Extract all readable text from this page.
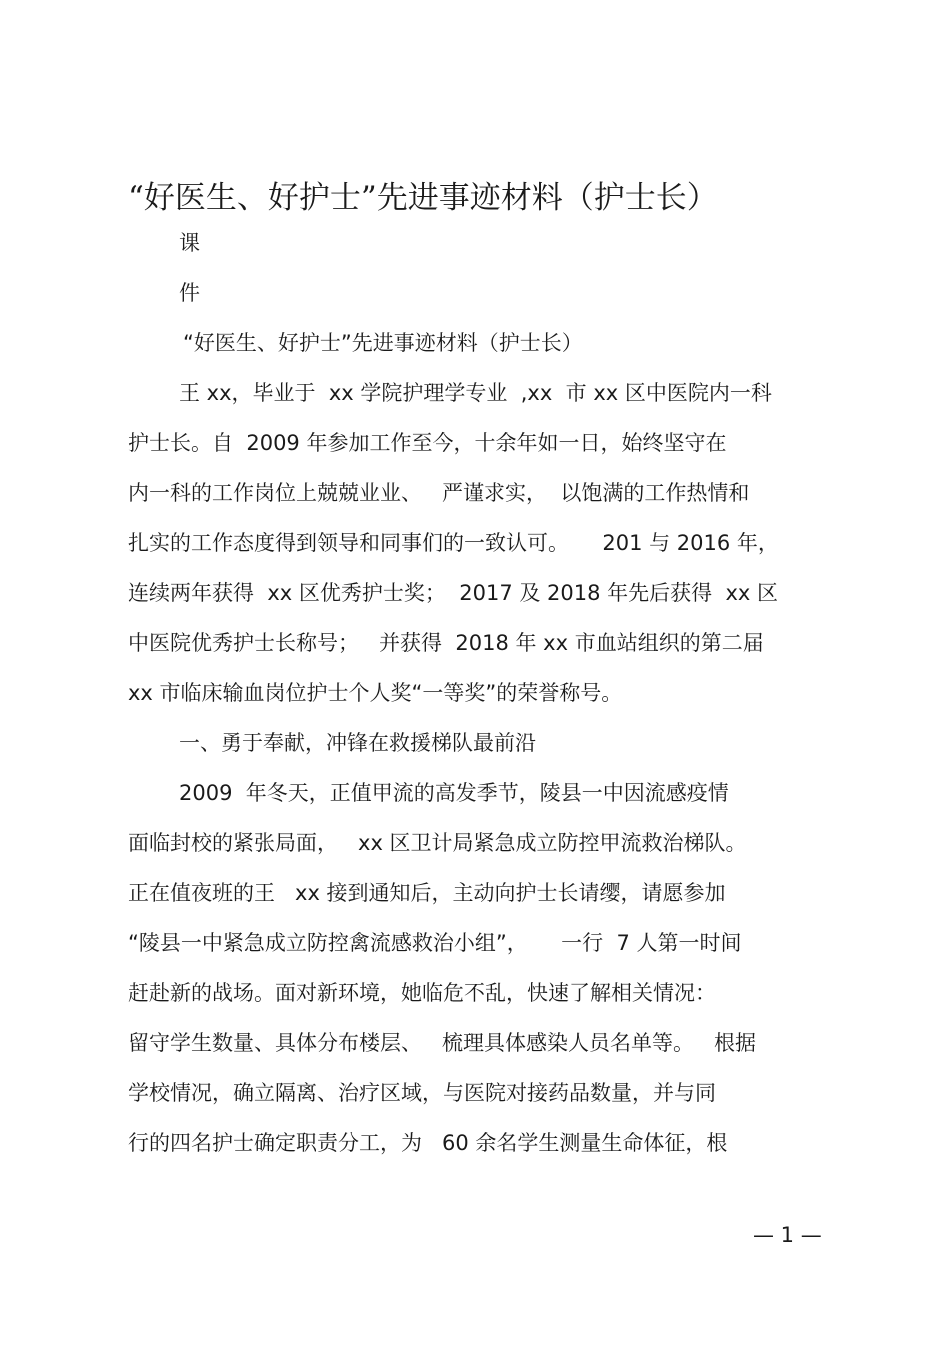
“好医生、好护士”先进事迹材料（护士长）
课
件
“好医生、好护士”先进事迹材料（护士长）
王 xx，毕业于  xx 学院护理学专业  ,xx  市 xx 区中医院内一科
护士长。自  2009 年参加工作至今，十余年如一日，始终坚守在
内一科的工作岗位上兢兢业业、   严谨求实，  以饱满的工作热情和
扎实的工作态度得到领导和同事们的一致认可。     201 与 2016 年，
连续两年获得  xx 区优秀护士奖；  2017 及 2018 年先后获得  xx 区
中医院优秀护士长称号；   并获得  2018 年 xx 市血站组织的第二届
xx 市临床输血岗位护士个人奖“一等奖”的荣誉称号。
一、勇于奉献，冲锋在救援梯队最前沿
2009  年冬天，正值甲流的高发季节，陵县一中因流感疫情
面临封校的紧张局面，   xx 区卫计局紧急成立防控甲流救治梯队。
正在值夜班的王   xx 接到通知后，主动向护士长请缨，请愿参加
“陵县一中紧急成立防控禽流感救治小组”，     一行  7 人第一时间
赶赴新的战场。面对新环境，她临危不乱，快速了解相关情况：
留守学生数量、具体分布楼层、   梳理具体感染人员名单等。   根据
学校情况，确立隔离、治疗区域，与医院对接药品数量，并与同
行的四名护士确定职责分工，为   60 余名学生测量生命体征，根
— 1 —
